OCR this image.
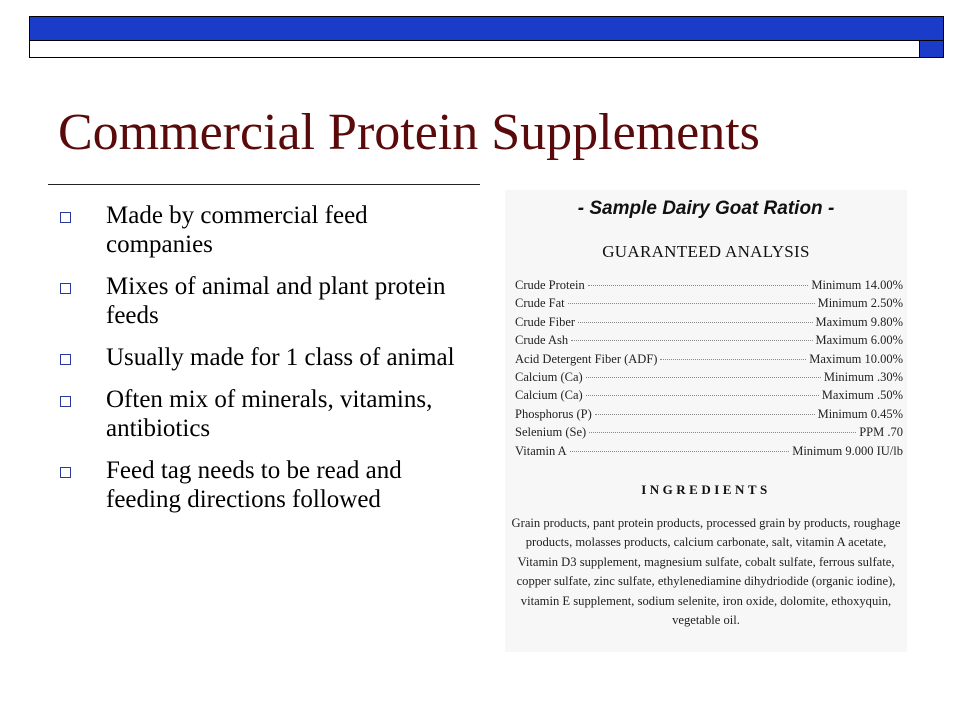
Commercial Protein Supplements
Made by commercial feed companies
Mixes of animal and plant protein feeds
Usually made for 1 class of animal
Often mix of minerals, vitamins, antibiotics
Feed tag needs to be read and feeding directions followed
- Sample Dairy Goat Ration -
GUARANTEED ANALYSIS
Crude Protein	Minimum 14.00%
Crude Fat	Minimum 2.50%
Crude Fiber	Maximum 9.80%
Crude Ash	Maximum 6.00%
Acid Detergent Fiber (ADF)	Maximum 10.00%
Calcium (Ca)	Minimum .30%
Calcium (Ca)	Maximum .50%
Phosphorus (P)	Minimum 0.45%
Selenium (Se)	PPM .70
Vitamin A	Minimum 9.000 IU/lb
INGREDIENTS
Grain products, pant protein products, processed grain by products, roughage products, molasses products, calcium carbonate, salt, vitamin A acetate, Vitamin D3 supplement, magnesium sulfate, cobalt sulfate, ferrous sulfate, copper sulfate, zinc sulfate, ethylenediamine dihydriodide (organic iodine), vitamin E supplement, sodium selenite, iron oxide, dolomite, ethoxyquin, vegetable oil.
